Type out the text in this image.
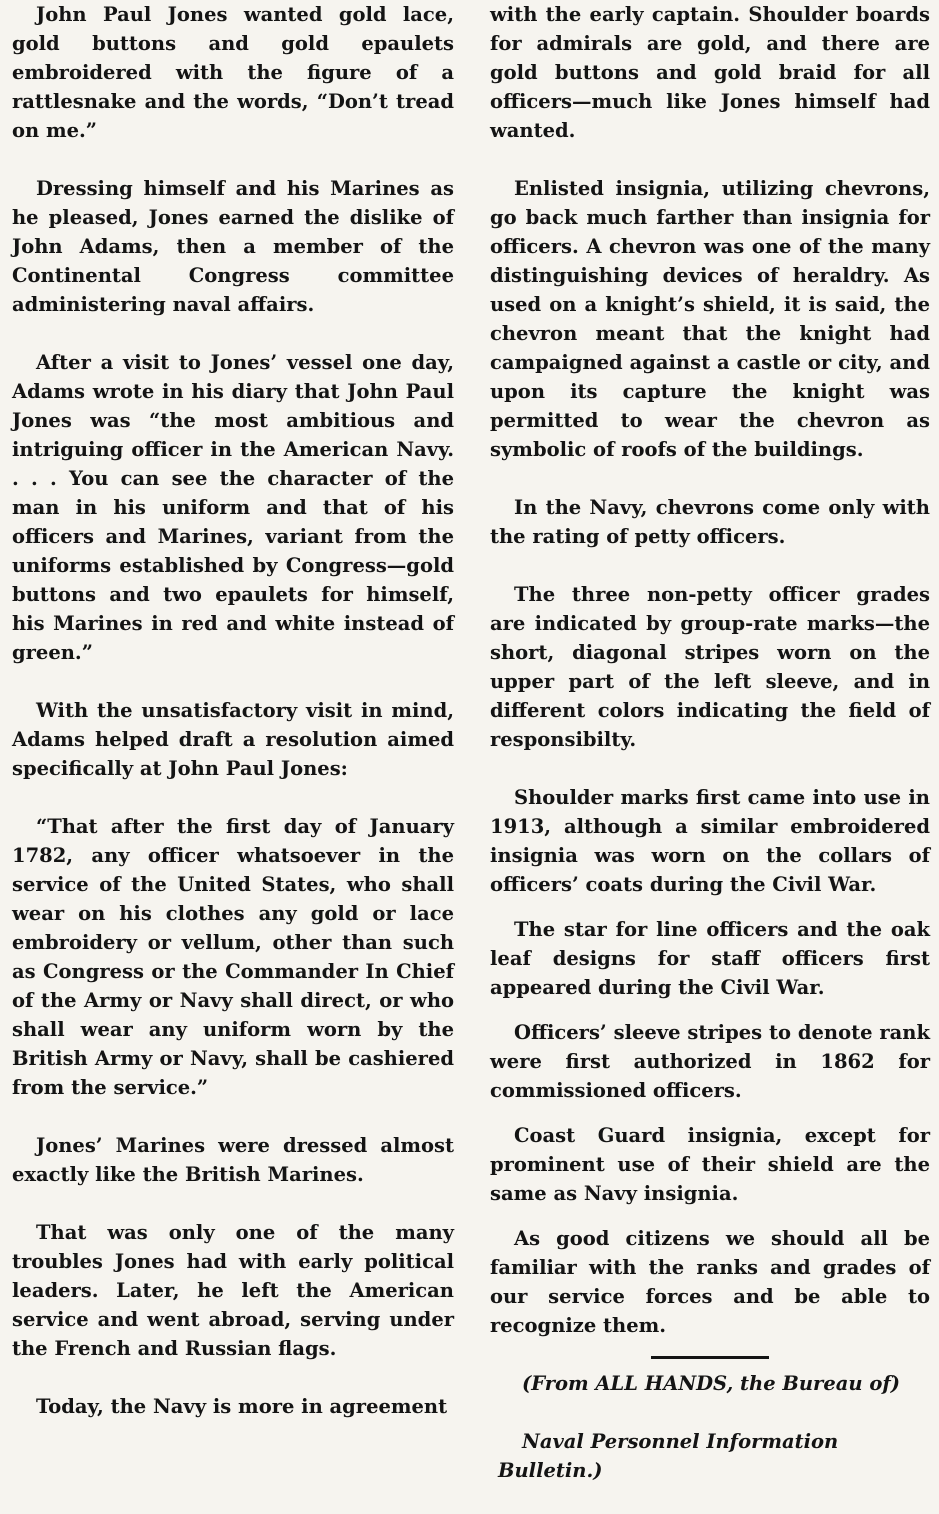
John Paul Jones wanted gold lace, gold buttons and gold epaulets embroidered with the figure of a rattlesnake and the words, “Don’t tread on me.”

Dressing himself and his Marines as he pleased, Jones earned the dislike of John Adams, then a member of the Continental Congress committee administering naval affairs.

After a visit to Jones’ vessel one day, Adams wrote in his diary that John Paul Jones was “the most ambitious and intriguing officer in the American Navy. . . . You can see the character of the man in his uniform and that of his officers and Marines, variant from the uniforms established by Congress—gold buttons and two epaulets for himself, his Marines in red and white instead of green.”

With the unsatisfactory visit in mind, Adams helped draft a resolution aimed specifically at John Paul Jones:

“That after the first day of January 1782, any officer whatsoever in the service of the United States, who shall wear on his clothes any gold or lace embroidery or vellum, other than such as Congress or the Commander In Chief of the Army or Navy shall direct, or who shall wear any uniform worn by the British Army or Navy, shall be cashiered from the service.”

Jones’ Marines were dressed almost exactly like the British Marines.

That was only one of the many troubles Jones had with early political leaders. Later, he left the American service and went abroad, serving under the French and Russian flags.

Today, the Navy is more in agreement

with the early captain. Shoulder boards for admirals are gold, and there are gold buttons and gold braid for all officers—much like Jones himself had wanted.

Enlisted insignia, utilizing chevrons, go back much farther than insignia for officers. A chevron was one of the many distinguishing devices of heraldry. As used on a knight’s shield, it is said, the chevron meant that the knight had campaigned against a castle or city, and upon its capture the knight was permitted to wear the chevron as symbolic of roofs of the buildings.

In the Navy, chevrons come only with the rating of petty officers.

The three non-petty officer grades are indicated by group-rate marks—the short, diagonal stripes worn on the upper part of the left sleeve, and in different colors indicating the field of responsibilty.

Shoulder marks first came into use in 1913, although a similar embroidered insignia was worn on the collars of officers’ coats during the Civil War.

The star for line officers and the oak leaf designs for staff officers first appeared during the Civil War.

Officers’ sleeve stripes to denote rank were first authorized in 1862 for commissioned officers.

Coast Guard insignia, except for prominent use of their shield are the same as Navy insignia.

As good citizens we should all be familiar with the ranks and grades of our service forces and be able to recognize them.

(From ALL HANDS, the Bureau of)

Naval Personnel Information Bulletin.)
